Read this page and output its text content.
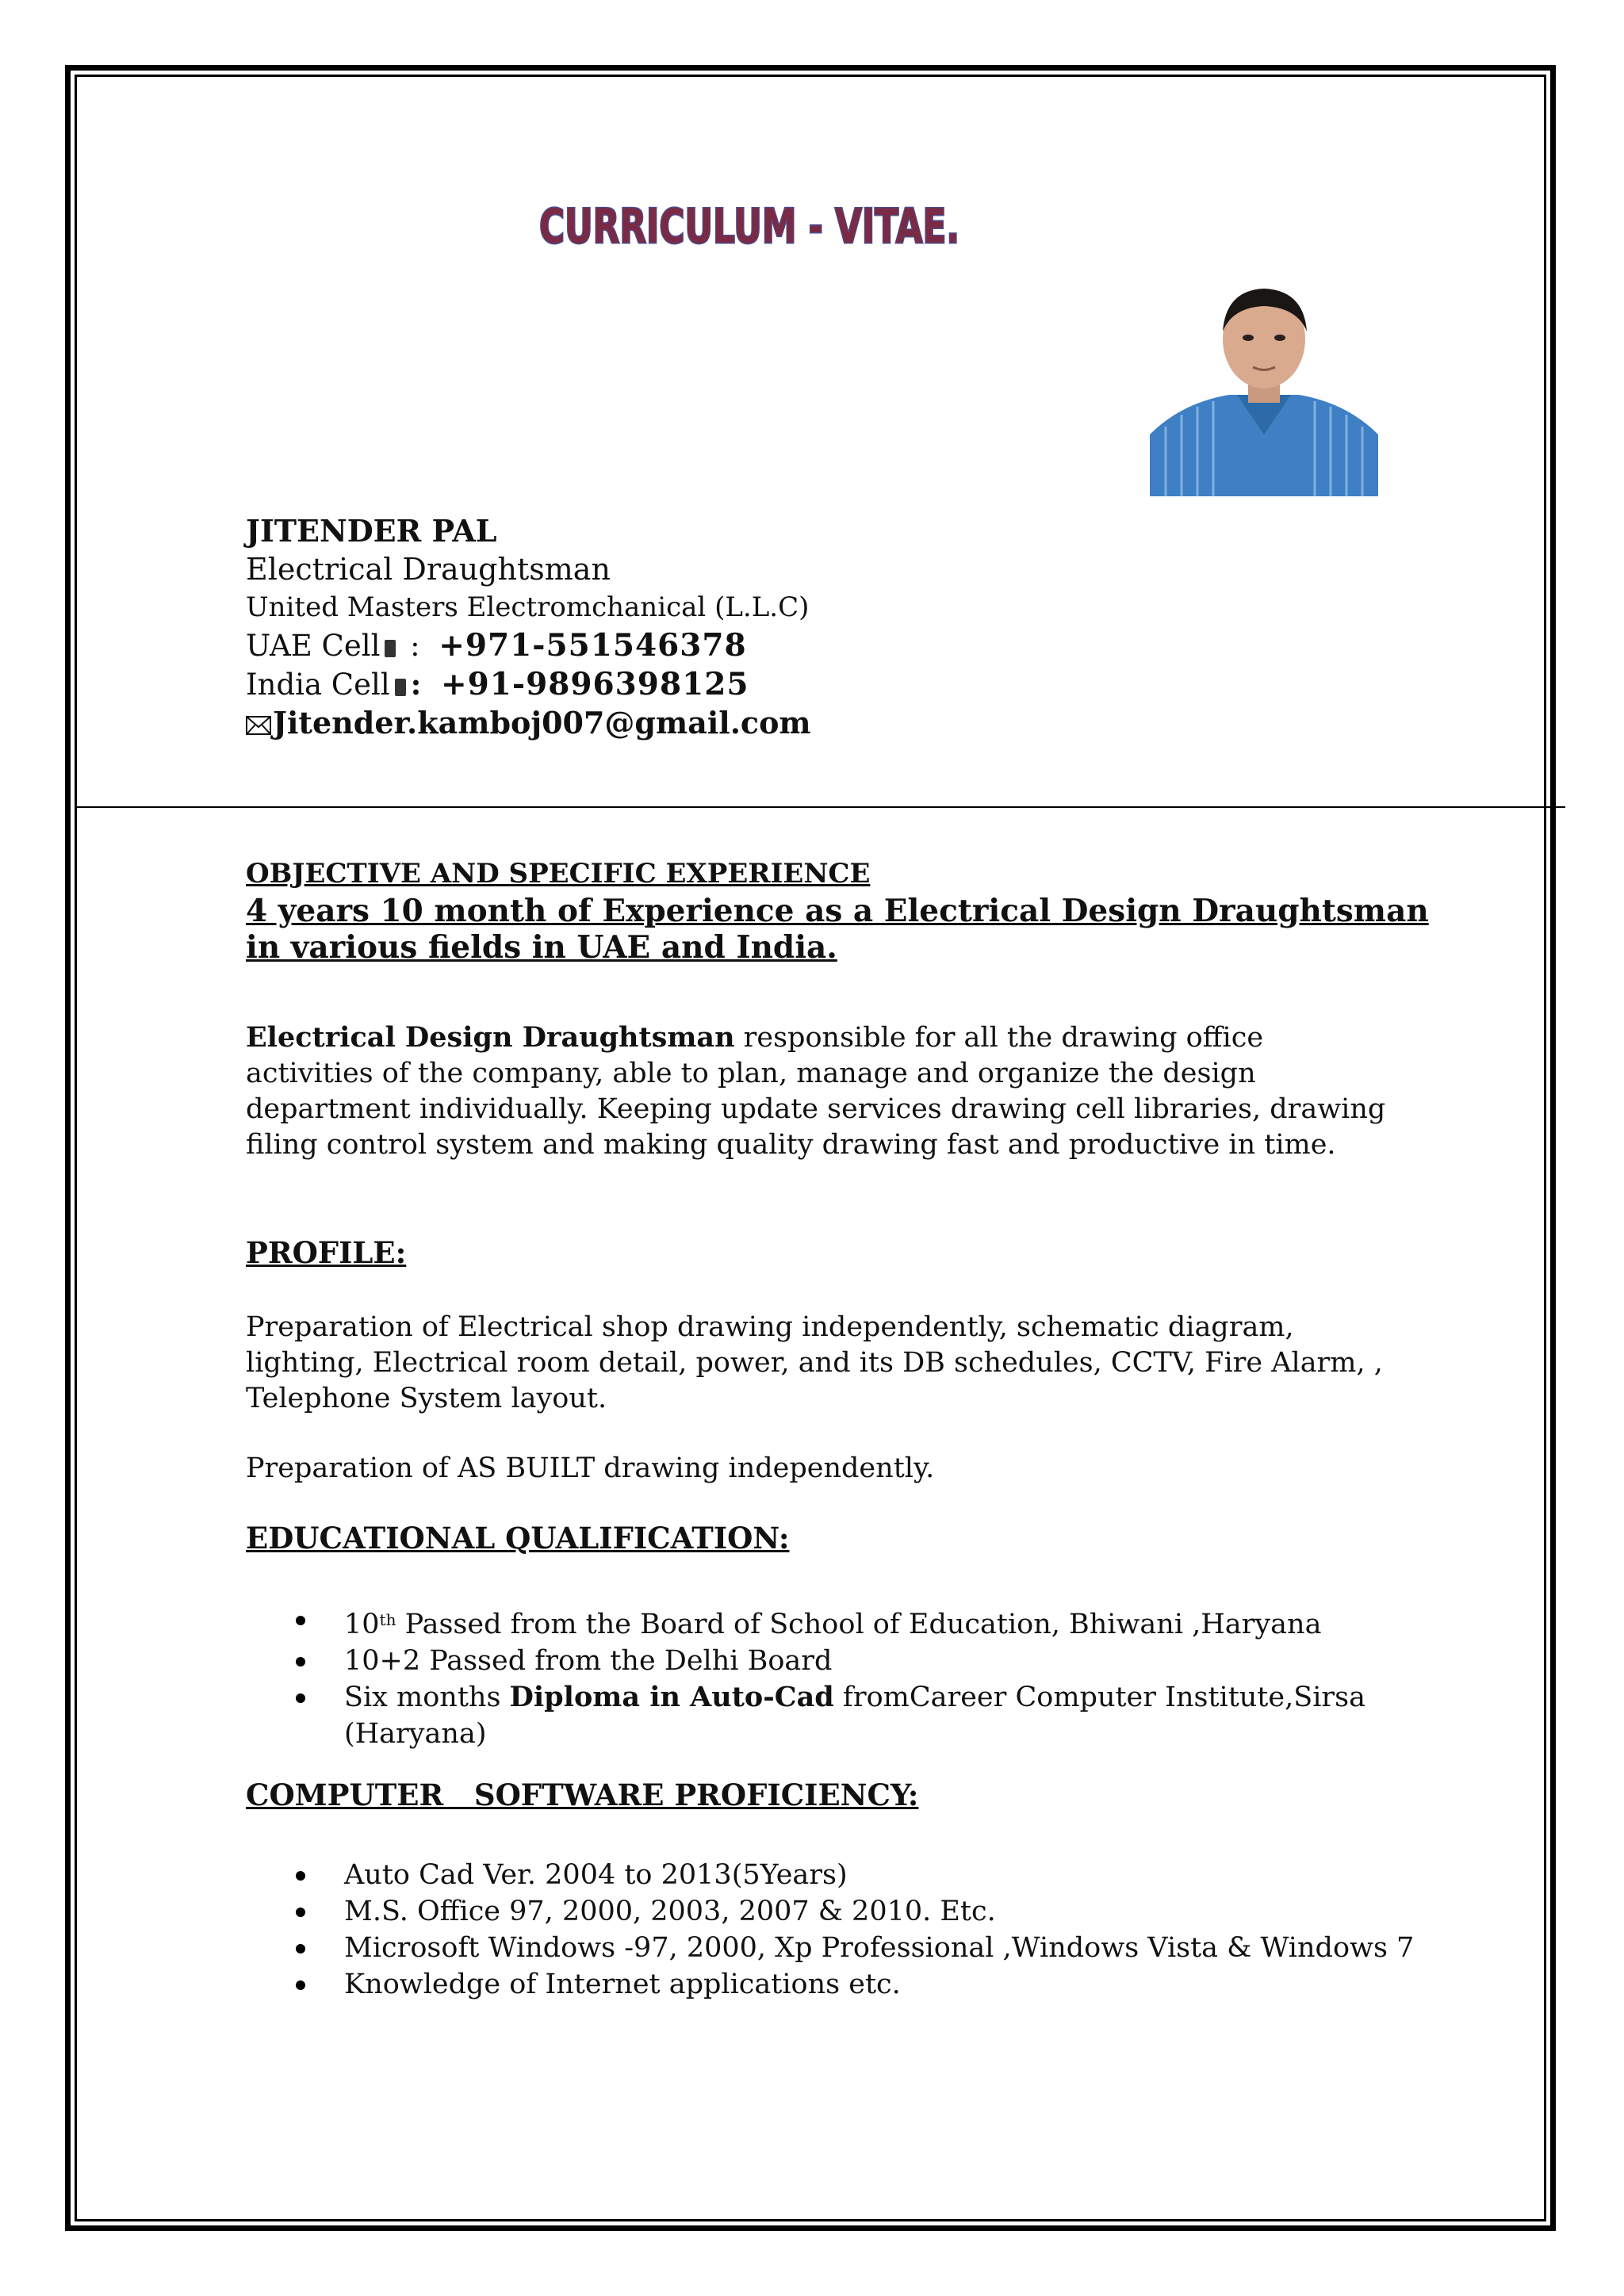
CURRICULUM - VITAE.
JITENDER PAL
Electrical Draughtsman
United Masters Electromchanical (L.L.C)
UAE Cell :  +971-551546378
India Cell :  +91-9896398125
Jitender.kamboj007@gmail.com
OBJECTIVE AND SPECIFIC EXPERIENCE
4 years 10 month of Experience as a Electrical Design Draughtsman in various fields in UAE and India.
Electrical Design Draughtsman responsible for all the drawing office activities of the company, able to plan, manage and organize the design department individually. Keeping update services drawing cell libraries, drawing filing control system and making quality drawing fast and productive in time.
PROFILE:
Preparation of Electrical shop drawing independently, schematic diagram, lighting, Electrical room detail, power, and its DB schedules, CCTV, Fire Alarm, , Telephone System layout.
Preparation of AS BUILT drawing independently.
EDUCATIONAL QUALIFICATION:
10th Passed from the Board of School of Education, Bhiwani ,Haryana
10+2 Passed from the Delhi Board
Six months Diploma in Auto-Cad fromCareer Computer Institute,Sirsa (Haryana)
COMPUTER   SOFTWARE PROFICIENCY:
Auto Cad Ver. 2004 to 2013(5Years)
M.S. Office 97, 2000, 2003, 2007 & 2010. Etc.
Microsoft Windows -97, 2000, Xp Professional ,Windows Vista & Windows 7
Knowledge of Internet applications etc.
